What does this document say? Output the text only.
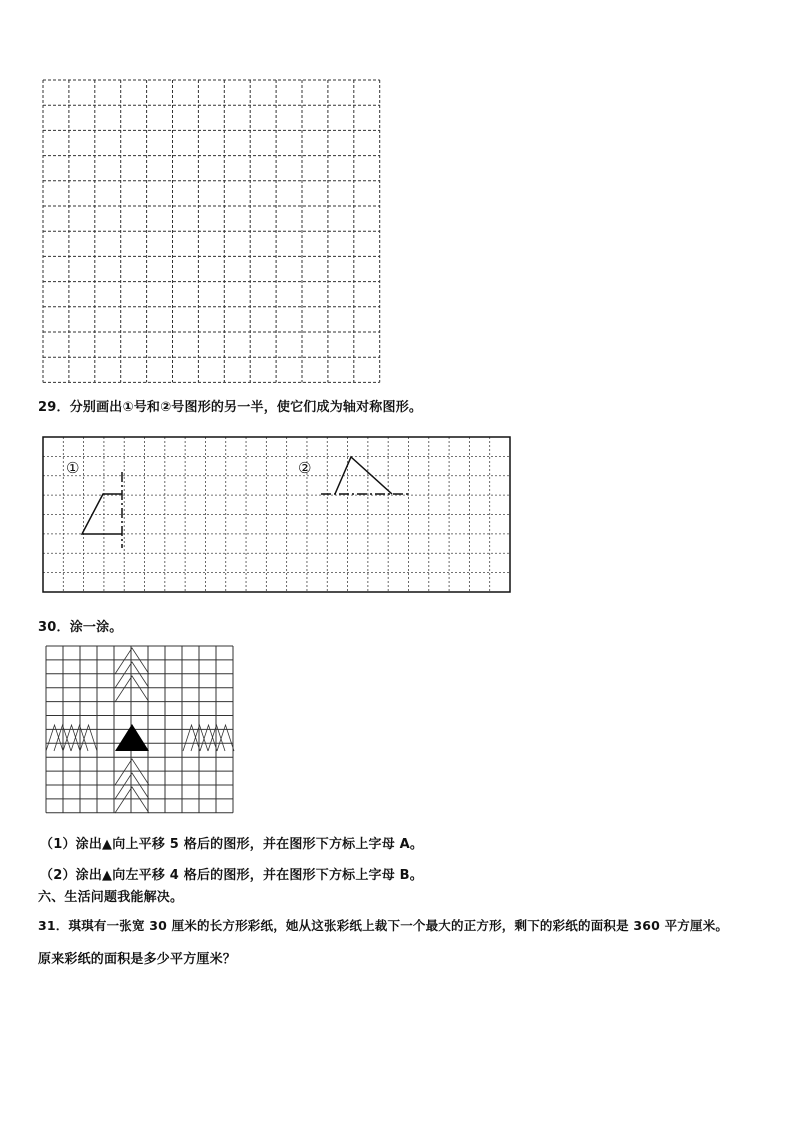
29．分别画出①号和②号图形的另一半，使它们成为轴对称图形。
①	②
30．涂一涂。
（1）涂出▲向上平移 5 格后的图形，并在图形下方标上字母 A。
（2）涂出▲向左平移 4 格后的图形，并在图形下方标上字母 B。
六、生活问题我能解决。
31．琪琪有一张宽 30 厘米的长方形彩纸，她从这张彩纸上裁下一个最大的正方形，剩下的彩纸的面积是 360 平方厘米。
原来彩纸的面积是多少平方厘米？
